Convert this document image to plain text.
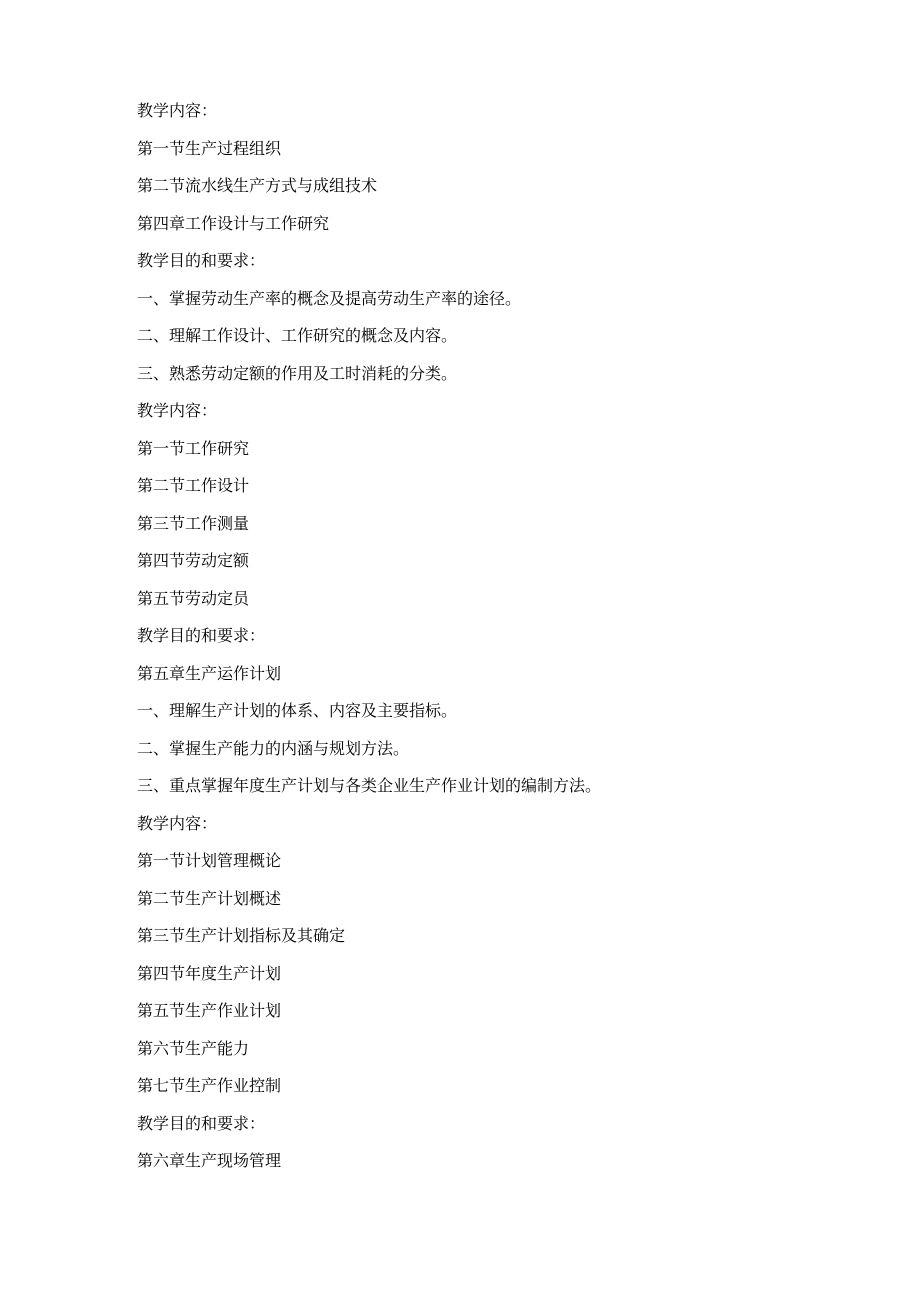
教学内容：
第一节生产过程组织
第二节流水线生产方式与成组技术
第四章工作设计与工作研究
教学目的和要求：
一、掌握劳动生产率的概念及提高劳动生产率的途径。
二、理解工作设计、工作研究的概念及内容。
三、熟悉劳动定额的作用及工时消耗的分类。
教学内容：
第一节工作研究
第二节工作设计
第三节工作测量
第四节劳动定额
第五节劳动定员
教学目的和要求：
第五章生产运作计划
一、理解生产计划的体系、内容及主要指标。
二、掌握生产能力的内涵与规划方法。
三、重点掌握年度生产计划与各类企业生产作业计划的编制方法。
教学内容：
第一节计划管理概论
第二节生产计划概述
第三节生产计划指标及其确定
第四节年度生产计划
第五节生产作业计划
第六节生产能力
第七节生产作业控制
教学目的和要求：
第六章生产现场管理
